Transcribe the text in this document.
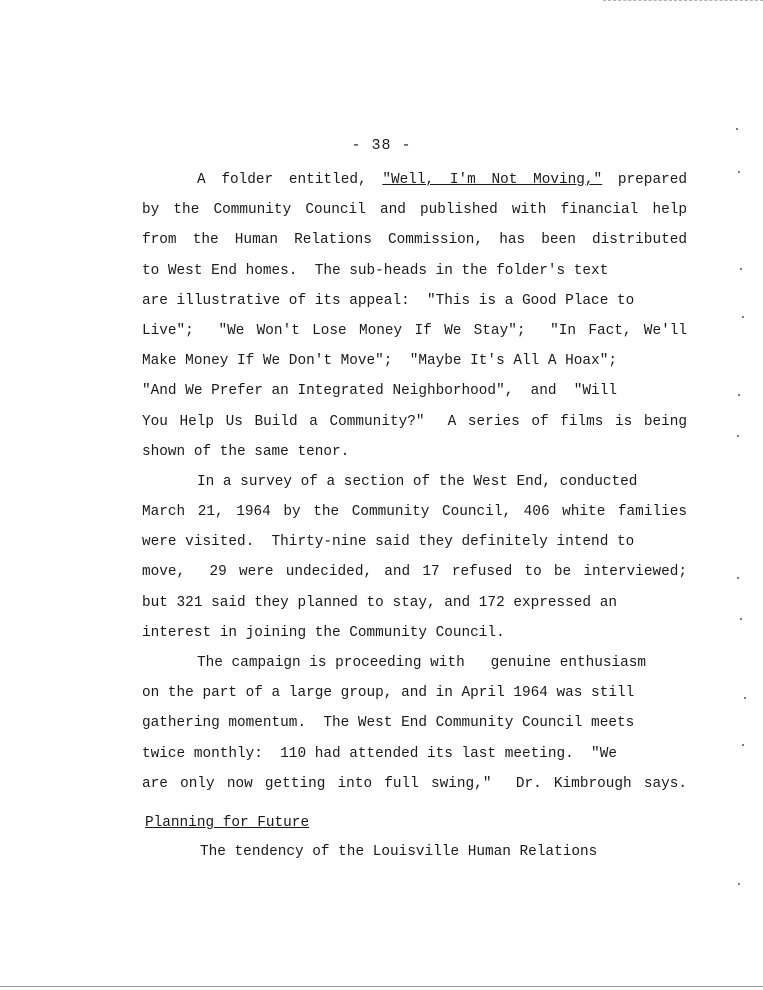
- 38 -
A folder entitled, "Well, I'm Not Moving," prepared
by the Community Council and published with financial help
from the Human Relations Commission, has been distributed
to West End homes.  The sub-heads in the folder's text
are illustrative of its appeal:  "This is a Good Place to
Live";  "We Won't Lose Money If We Stay";  "In Fact, We'll
Make Money If We Don't Move";  "Maybe It's All A Hoax";
"And We Prefer an Integrated Neighborhood",  and  "Will
You Help Us Build a Community?"  A series of films is being
shown of the same tenor.
In a survey of a section of the West End, conducted
March 21, 1964 by the Community Council, 406 white families
were visited.  Thirty-nine said they definitely intend to
move,  29 were undecided, and 17 refused to be interviewed;
but 321 said they planned to stay, and 172 expressed an
interest in joining the Community Council.
The campaign is proceeding with   genuine enthusiasm
on the part of a large group, and in April 1964 was still
gathering momentum.  The West End Community Council meets
twice monthly:  110 had attended its last meeting.  "We
are only now getting into full swing,"  Dr. Kimbrough says.
Planning for Future
The tendency of the Louisville Human Relations
